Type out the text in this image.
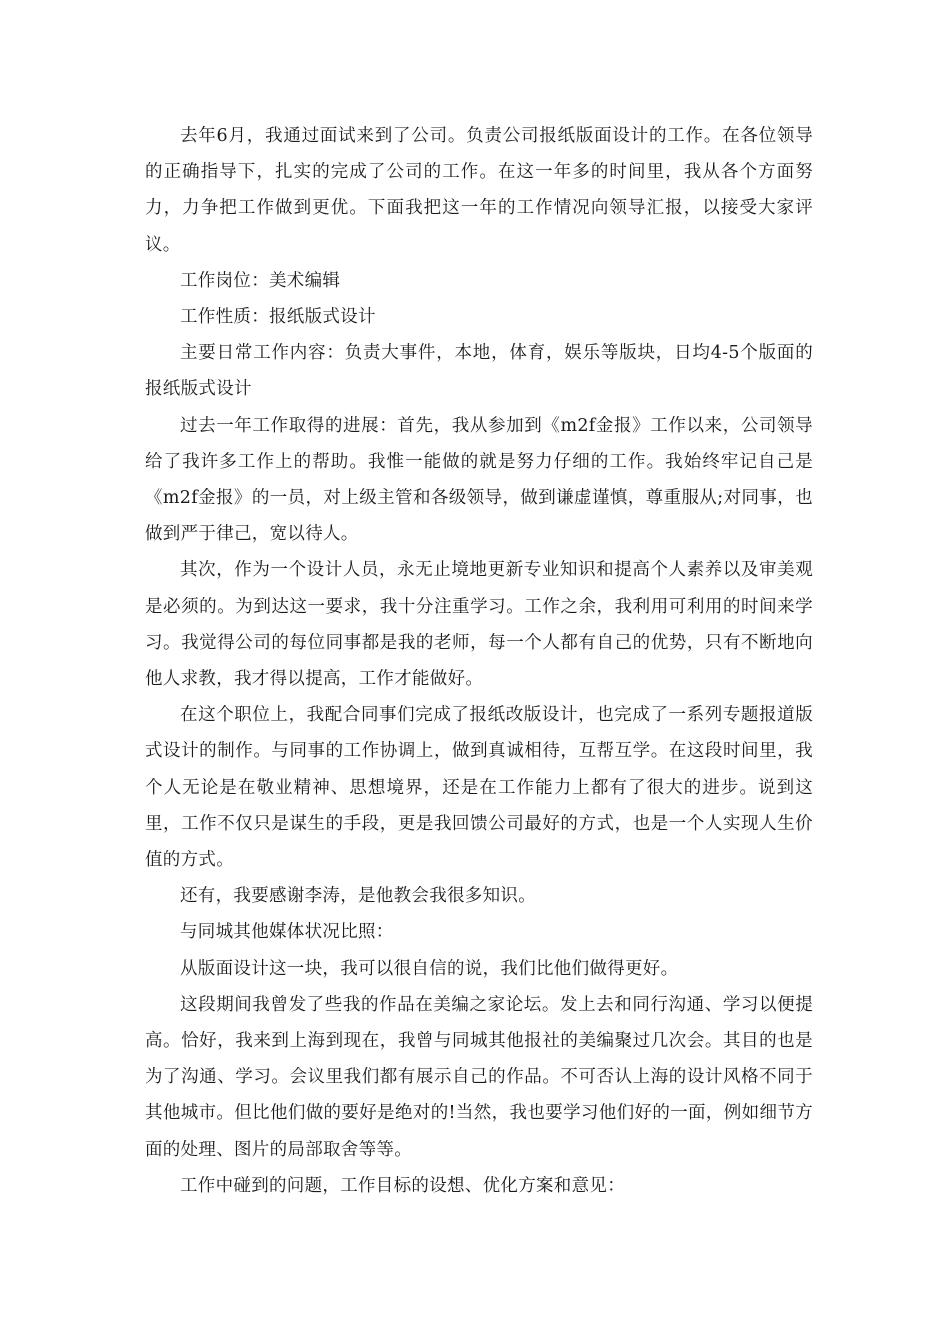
去年6月，我通过面试来到了公司。负责公司报纸版面设计的工作。在各位领导的正确指导下，扎实的完成了公司的工作。在这一年多的时间里，我从各个方面努力，力争把工作做到更优。下面我把这一年的工作情况向领导汇报，以接受大家评议。

工作岗位：美术编辑

工作性质：报纸版式设计

主要日常工作内容：负责大事件，本地，体育，娱乐等版块，日均4-5个版面的报纸版式设计

过去一年工作取得的进展：首先，我从参加到《m2f金报》工作以来，公司领导给了我许多工作上的帮助。我惟一能做的就是努力仔细的工作。我始终牢记自己是《m2f金报》的一员，对上级主管和各级领导，做到谦虚谨慎，尊重服从;对同事，也做到严于律己，宽以待人。

其次，作为一个设计人员，永无止境地更新专业知识和提高个人素养以及审美观是必须的。为到达这一要求，我十分注重学习。工作之余，我利用可利用的时间来学习。我觉得公司的每位同事都是我的老师，每一个人都有自己的优势，只有不断地向他人求教，我才得以提高，工作才能做好。

在这个职位上，我配合同事们完成了报纸改版设计，也完成了一系列专题报道版式设计的制作。与同事的工作协调上，做到真诚相待，互帮互学。在这段时间里，我个人无论是在敬业精神、思想境界，还是在工作能力上都有了很大的进步。说到这里，工作不仅只是谋生的手段，更是我回馈公司最好的方式，也是一个人实现人生价值的方式。

还有，我要感谢李涛，是他教会我很多知识。

与同城其他媒体状况比照：

从版面设计这一块，我可以很自信的说，我们比他们做得更好。

这段期间我曾发了些我的作品在美编之家论坛。发上去和同行沟通、学习以便提高。恰好，我来到上海到现在，我曾与同城其他报社的美编聚过几次会。其目的也是为了沟通、学习。会议里我们都有展示自己的作品。不可否认上海的设计风格不同于其他城市。但比他们做的要好是绝对的!当然，我也要学习他们好的一面，例如细节方面的处理、图片的局部取舍等等。

工作中碰到的问题，工作目标的设想、优化方案和意见：
